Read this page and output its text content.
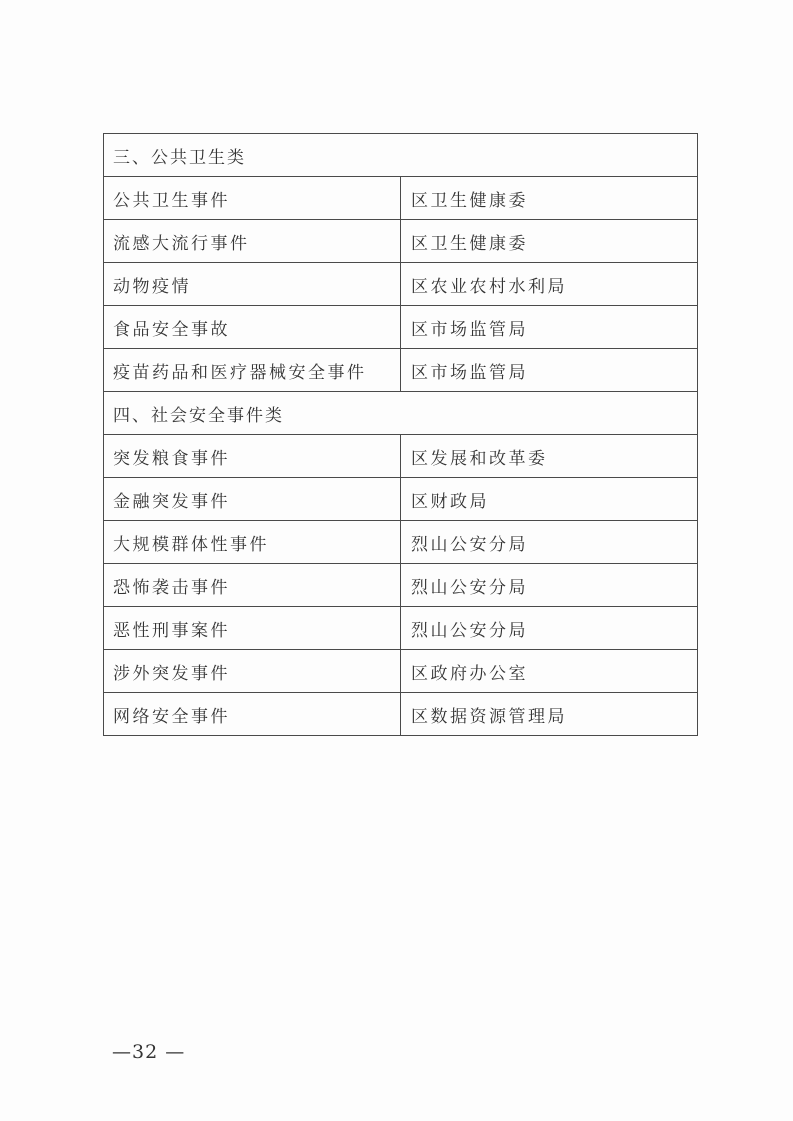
三、公共卫生类	
公共卫生事件	区卫生健康委
流感大流行事件	区卫生健康委
动物疫情	区农业农村水利局
食品安全事故	区市场监管局
疫苗药品和医疗器械安全事件	区市场监管局
四、社会安全事件类	
突发粮食事件	区发展和改革委
金融突发事件	区财政局
大规模群体性事件	烈山公安分局
恐怖袭击事件	烈山公安分局
恶性刑事案件	烈山公安分局
涉外突发事件	区政府办公室
网络安全事件	区数据资源管理局
—32 —
